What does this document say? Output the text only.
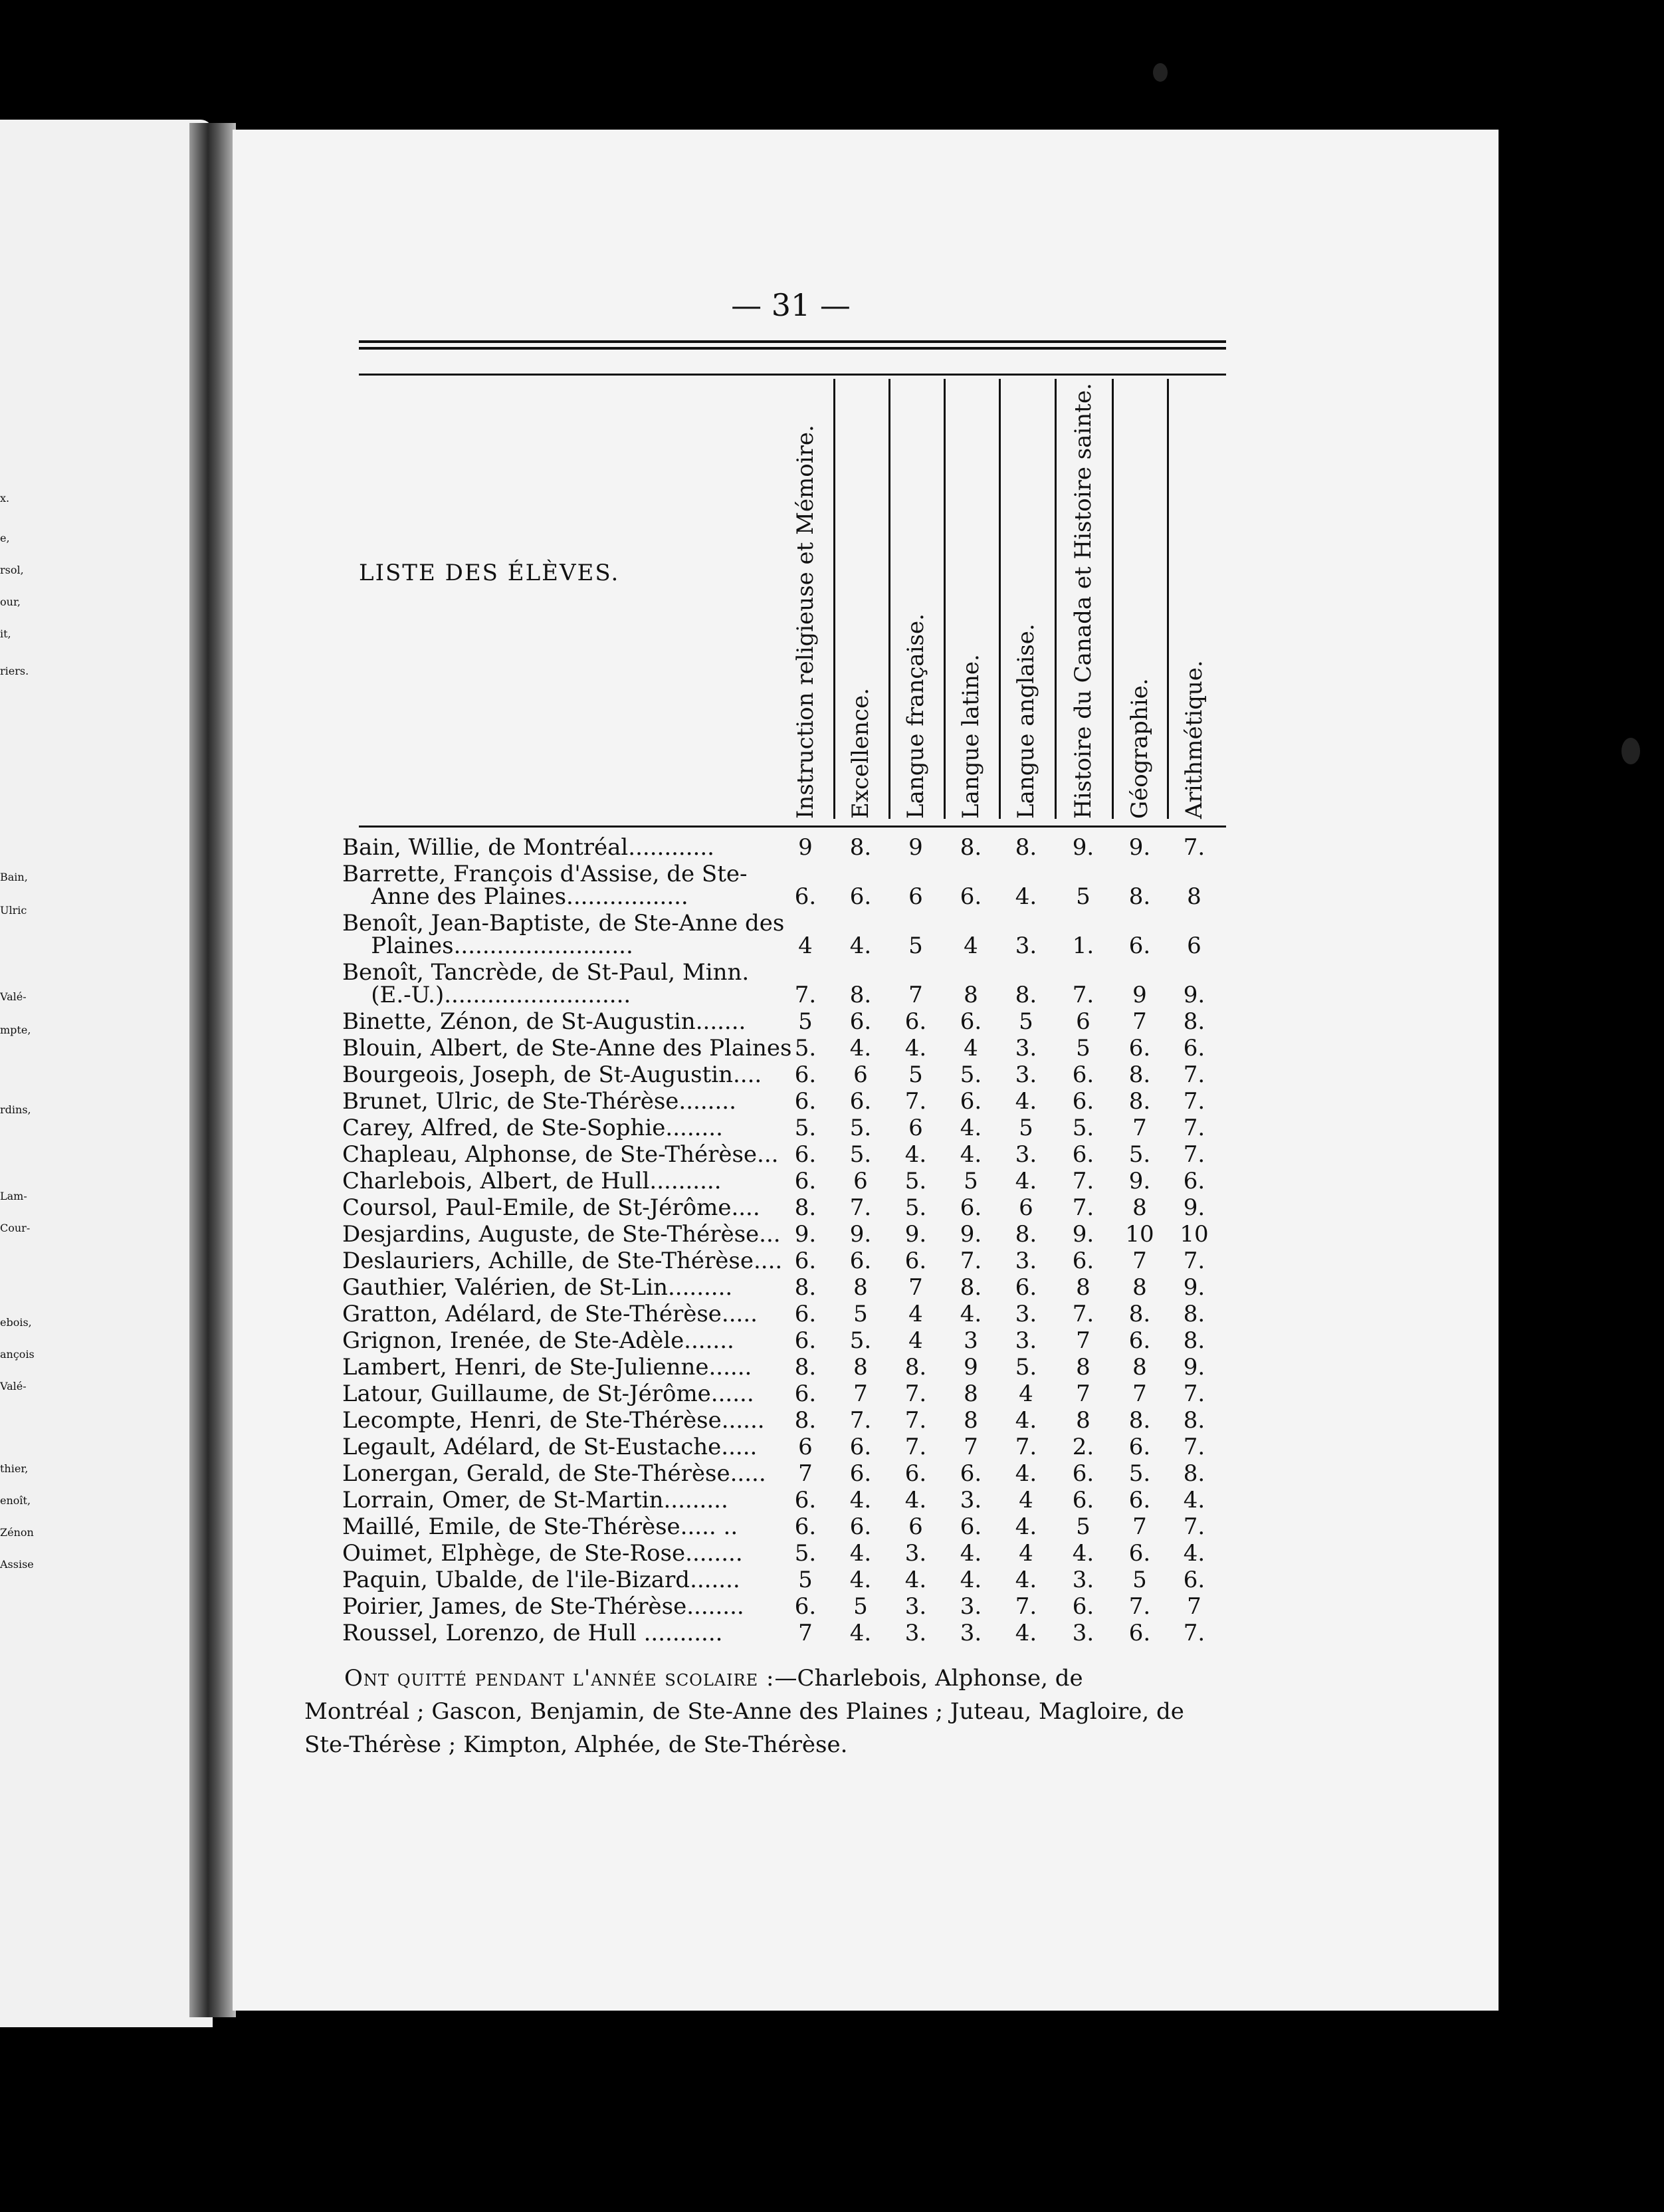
— 31 —
LISTE DES ÉLÈVES.	Instruction religieuse et Mémoire. Excellence. Langue française. Langue latine. Langue anglaise. Histoire du Canada et Histoire sainte. Géographie. Arithmétique.
Bain, Willie, de Montréal............	9	8.	9	8.	8.	9.	9.	7.
Barrette, François d'Assise, de Ste-
Anne des Plaines.................	6.	6.	6	6.	4.	5	8.	8
Benoît, Jean-Baptiste, de Ste-Anne des
Plaines.........................	4	4.	5	4	3.	1.	6.	6
Benoît, Tancrède, de St-Paul, Minn.
(E.-U.)..........................	7.	8.	7	8	8.	7.	9	9.
Binette, Zénon, de St-Augustin.......	5	6.	6.	6.	5	6	7	8.
Blouin, Albert, de Ste-Anne des Plaines 5.	4.	4.	4	3.	5	6.	6.
Bourgeois, Joseph, de St-Augustin....	6.	6	5	5.	3.	6.	8.	7.
Brunet, Ulric, de Ste-Thérèse........	6.	6.	7.	6.	4.	6.	8.	7.
Carey, Alfred, de Ste-Sophie........	5.	5.	6	4.	5	5.	7	7.
Chapleau, Alphonse, de Ste-Thérèse... 6.	5.	4.	4.	3.	6.	5.	7.
Charlebois, Albert, de Hull..........	6.	6	5.	5	4.	7.	9.	6.
Coursol, Paul-Emile, de St-Jérôme....	8.	7.	5.	6.	6	7.	8	9.
Desjardins, Auguste, de Ste-Thérèse... 9.	9.	9.	9.	8.	9.	10	10
Deslauriers, Achille, de Ste-Thérèse.... 6.	6.	6.	7.	3.	6.	7	7.
Gauthier, Valérien, de St-Lin.........	8.	8	7	8.	6.	8	8	9.
Gratton, Adélard, de Ste-Thérèse.....	6.	5	4	4.	3.	7.	8.	8.
Grignon, Irenée, de Ste-Adèle.......	6.	5.	4	3	3.	7	6.	8.
Lambert, Henri, de Ste-Julienne......	8.	8	8.	9	5.	8	8	9.
Latour, Guillaume, de St-Jérôme......	6.	7	7.	8	4	7	7	7.
Lecompte, Henri, de Ste-Thérèse......	8.	7.	7.	8	4.	8	8.	8.
Legault, Adélard, de St-Eustache.....	6	6.	7.	7	7.	2.	6.	7.
Lonergan, Gerald, de Ste-Thérèse.....	7	6.	6.	6.	4.	6.	5.	8.
Lorrain, Omer, de St-Martin.........	6.	4.	4.	3.	4	6.	6.	4.
Maillé, Emile, de Ste-Thérèse..... ..	6.	6.	6	6.	4.	5	7	7.
Ouimet, Elphège, de Ste-Rose........	5.	4.	3.	4.	4	4.	6.	4.
Paquin, Ubalde, de l'ile-Bizard.......	5	4.	4.	4.	4.	3.	5	6.
Poirier, James, de Ste-Thérèse........	6.	5	3.	3.	7.	6.	7.	7
Roussel, Lorenzo, de Hull ...........	7	4.	3.	3.	4.	3.	6.	7.
Ont quitté pendant l'année scolaire :—Charlebois, Alphonse, de Montréal ; Gascon, Benjamin, de Ste-Anne des Plaines ; Juteau, Magloire, de Ste-Thérèse ; Kimpton, Alphée, de Ste-Thérèse.
x.
e,
rsol,
our,
it,
riers.
Bain,
Ulric
Valé-
mpte,
rdins,
Lam-
Cour-
ebois,
ançois
Valé-
thier,
enoît,
Zénon
Assise
